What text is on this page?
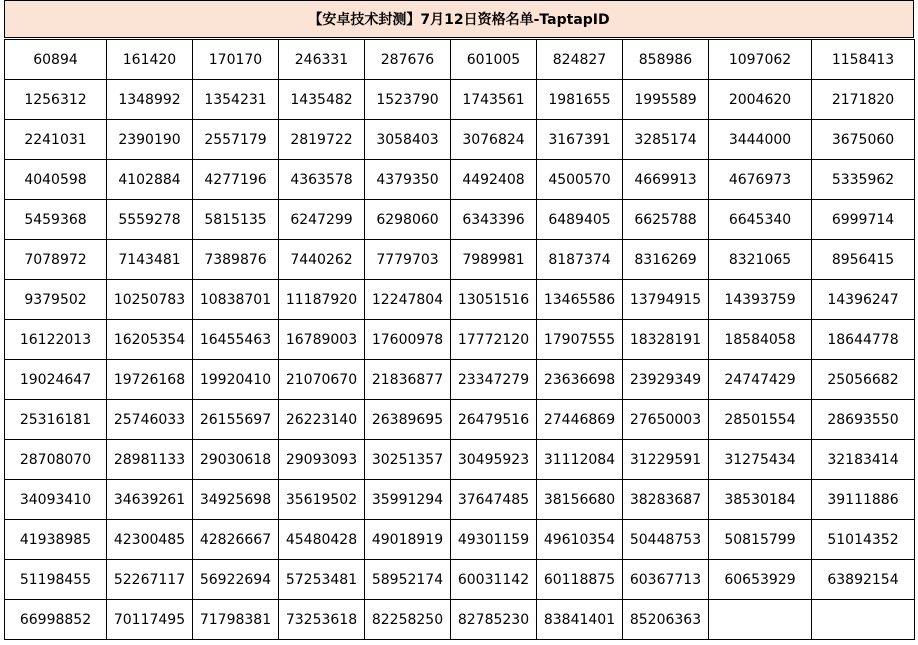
【安卓技术封测】7月12日资格名单-TaptapID
60894	161420	170170	246331	287676	601005	824827	858986	1097062	1158413
1256312	1348992	1354231	1435482	1523790	1743561	1981655	1995589	2004620	2171820
2241031	2390190	2557179	2819722	3058403	3076824	3167391	3285174	3444000	3675060
4040598	4102884	4277196	4363578	4379350	4492408	4500570	4669913	4676973	5335962
5459368	5559278	5815135	6247299	6298060	6343396	6489405	6625788	6645340	6999714
7078972	7143481	7389876	7440262	7779703	7989981	8187374	8316269	8321065	8956415
9379502	10250783	10838701	11187920	12247804	13051516	13465586	13794915	14393759	14396247
16122013	16205354	16455463	16789003	17600978	17772120	17907555	18328191	18584058	18644778
19024647	19726168	19920410	21070670	21836877	23347279	23636698	23929349	24747429	25056682
25316181	25746033	26155697	26223140	26389695	26479516	27446869	27650003	28501554	28693550
28708070	28981133	29030618	29093093	30251357	30495923	31112084	31229591	31275434	32183414
34093410	34639261	34925698	35619502	35991294	37647485	38156680	38283687	38530184	39111886
41938985	42300485	42826667	45480428	49018919	49301159	49610354	50448753	50815799	51014352
51198455	52267117	56922694	57253481	58952174	60031142	60118875	60367713	60653929	63892154
66998852	70117495	71798381	73253618	82258250	82785230	83841401	85206363		
